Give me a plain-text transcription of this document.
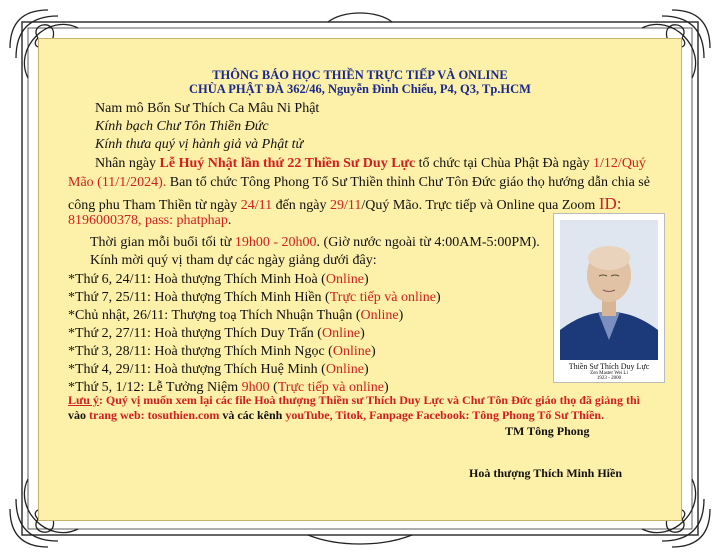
THÔNG BÁO HỌC THIỀN TRỰC TIẾP VÀ ONLINE
CHÙA PHẬT ĐÀ 362/46, Nguyễn Đình Chiểu, P4, Q3, Tp.HCM
Nam mô Bổn Sư Thích Ca Mâu Ni Phật
Kính bạch Chư Tôn Thiền Đức
Kính thưa quý vị hành giả và Phật tử
Nhân ngày Lễ Huý Nhật lần thứ 22 Thiền Sư Duy Lực tổ chức tại Chùa Phật Đà ngày 1/12/Quý
Mão (11/1/2024). Ban tổ chức Tông Phong Tổ Sư Thiền thỉnh Chư Tôn Đức giáo thọ hướng dẫn chia sẻ
công phu Tham Thiền từ ngày 24/11 đến ngày 29/11/Quý Mão. Trực tiếp và Online qua Zoom ID:
8196000378, pass: phatphap.
Thời gian mỗi buổi tối từ 19h00 - 20h00. (Giờ nước ngoài từ 4:00AM-5:00PM).
Kính mời quý vị tham dự các ngày giảng dưới đây:
*Thứ 6, 24/11: Hoà thượng Thích Minh Hoà (Online)
*Thứ 7, 25/11: Hoà thượng Thích Minh Hiền (Trực tiếp và online)
*Chủ nhật, 26/11: Thượng toạ Thích Nhuận Thuận (Online)
*Thứ 2, 27/11: Hoà thượng Thích Duy Trấn (Online)
*Thứ 3, 28/11: Hoà thượng Thích Minh Ngọc (Online)
*Thứ 4, 29/11: Hoà thượng Thích Huệ Minh (Online)
*Thứ 5, 1/12: Lễ Tưởng Niệm 9h00 (Trực tiếp và online)
Thiền Sư Thích Duy Lực
Zen Master Wei Li
1923 - 2000
Lưu ý: Quý vị muốn xem lại các file Hoà thượng Thiền sư Thích Duy Lực và Chư Tôn Đức giáo thọ đã giảng thì
vào trang web: tosuthien.com và các kênh youTube, Titok, Fanpage Facebook: Tông Phong Tổ Sư Thiền.
TM Tông Phong
Hoà thượng Thích Minh Hiền
